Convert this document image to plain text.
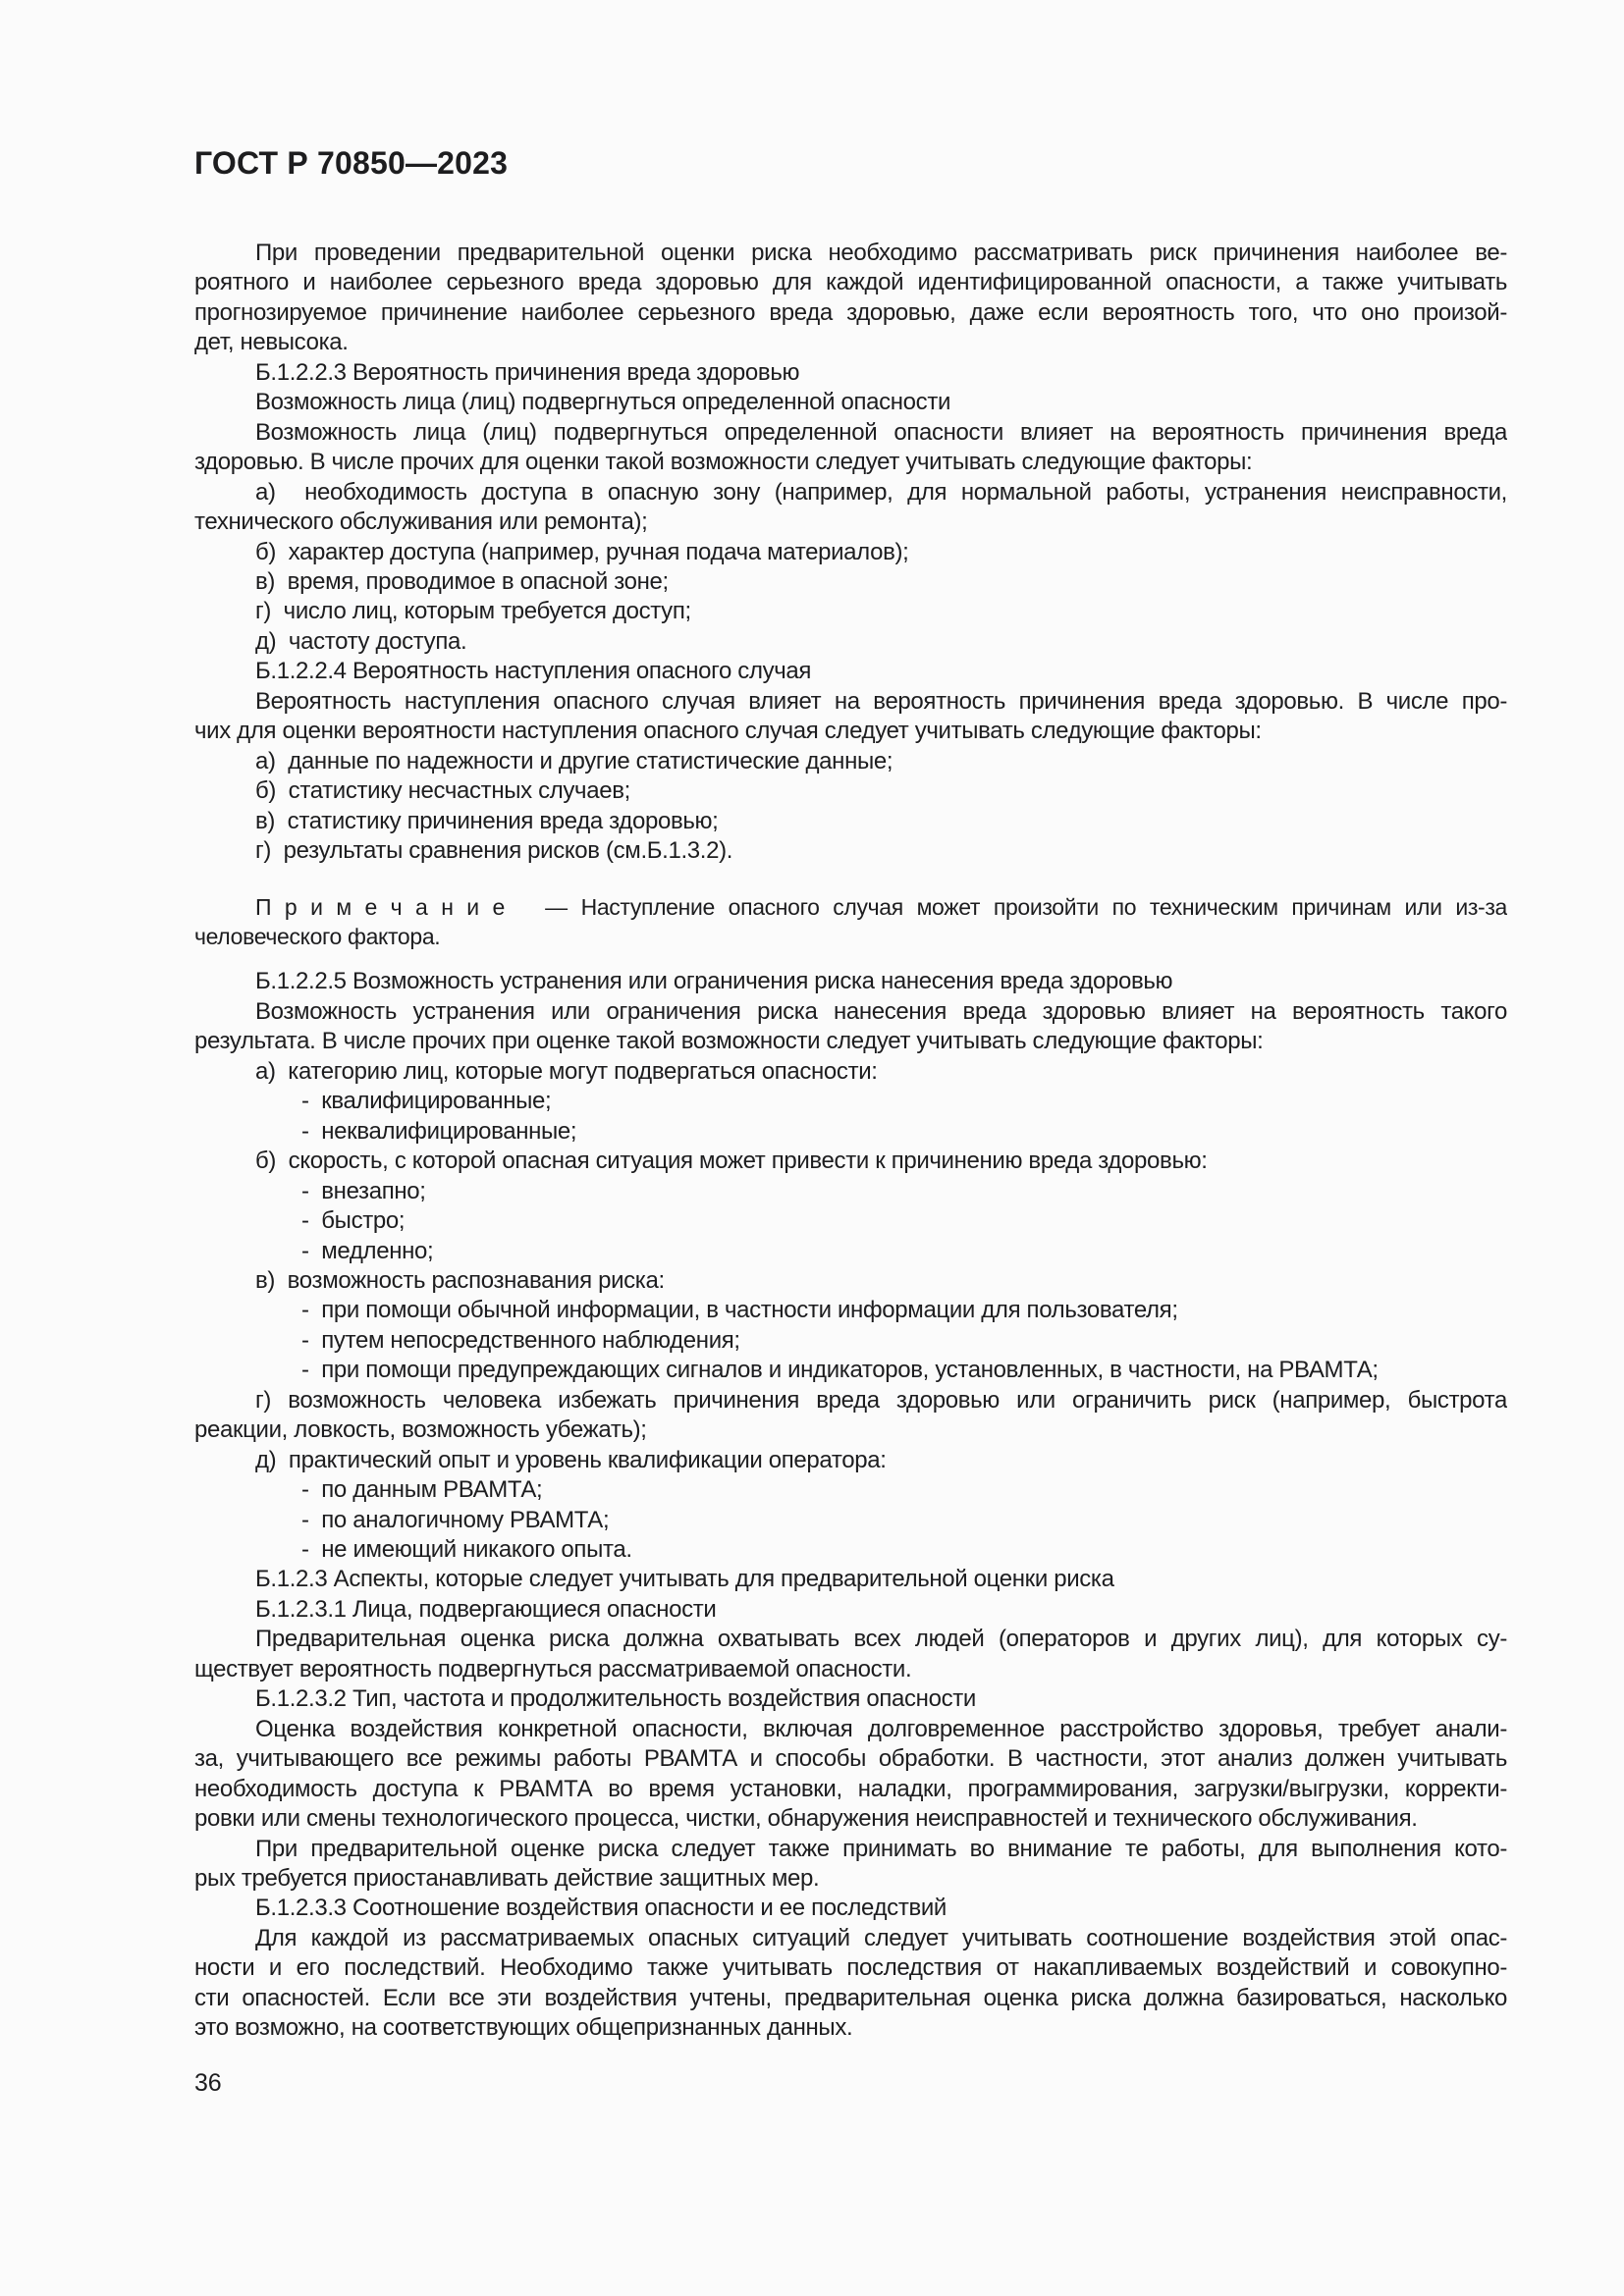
ГОСТ Р 70850—2023
При проведении предварительной оценки риска необходимо рассматривать риск причинения наиболее ве-
роятного и наиболее серьезного вреда здоровью для каждой идентифицированной опасности, а также учитывать
прогнозируемое причинение наиболее серьезного вреда здоровью, даже если вероятность того, что оно произой-
дет, невысока.
Б.1.2.2.3 Вероятность причинения вреда здоровью
Возможность лица (лиц) подвергнуться определенной опасности
Возможность лица (лиц) подвергнуться определенной опасности влияет на вероятность причинения вреда
здоровью. В числе прочих для оценки такой возможности следует учитывать следующие факторы:
а)  необходимость доступа в опасную зону (например, для нормальной работы, устранения неисправности,
технического обслуживания или ремонта);
б)  характер доступа (например, ручная подача материалов);
в)  время, проводимое в опасной зоне;
г)  число лиц, которым требуется доступ;
д)  частоту доступа.
Б.1.2.2.4 Вероятность наступления опасного случая
Вероятность наступления опасного случая влияет на вероятность причинения вреда здоровью. В числе про-
чих для оценки вероятности наступления опасного случая следует учитывать следующие факторы:
а)  данные по надежности и другие статистические данные;
б)  статистику несчастных случаев;
в)  статистику причинения вреда здоровью;
г)  результаты сравнения рисков (см.Б.1.3.2).
П р и м е ч а н и е   — Наступление опасного случая может произойти по техническим причинам или из-за
человеческого фактора.
Б.1.2.2.5 Возможность устранения или ограничения риска нанесения вреда здоровью
Возможность устранения или ограничения риска нанесения вреда здоровью влияет на вероятность такого
результата. В числе прочих при оценке такой возможности следует учитывать следующие факторы:
а)  категорию лиц, которые могут подвергаться опасности:
-  квалифицированные;
-  неквалифицированные;
б)  скорость, с которой опасная ситуация может привести к причинению вреда здоровью:
-  внезапно;
-  быстро;
-  медленно;
в)  возможность распознавания риска:
-  при помощи обычной информации, в частности информации для пользователя;
-  путем непосредственного наблюдения;
-  при помощи предупреждающих сигналов и индикаторов, установленных, в частности, на РВАМТА;
г) возможность человека избежать причинения вреда здоровью или ограничить риск (например, быстрота
реакции, ловкость, возможность убежать);
д)  практический опыт и уровень квалификации оператора:
-  по данным РВАМТА;
-  по аналогичному РВАМТА;
-  не имеющий никакого опыта.
Б.1.2.3 Аспекты, которые следует учитывать для предварительной оценки риска
Б.1.2.3.1 Лица, подвергающиеся опасности
Предварительная оценка риска должна охватывать всех людей (операторов и других лиц), для которых су-
ществует вероятность подвергнуться рассматриваемой опасности.
Б.1.2.3.2 Тип, частота и продолжительность воздействия опасности
Оценка воздействия конкретной опасности, включая долговременное расстройство здоровья, требует анали-
за, учитывающего все режимы работы РВАМТА и способы обработки. В частности, этот анализ должен учитывать
необходимость доступа к РВАМТА во время установки, наладки, программирования, загрузки/выгрузки, корректи-
ровки или смены технологического процесса, чистки, обнаружения неисправностей и технического обслуживания.
При предварительной оценке риска следует также принимать во внимание те работы, для выполнения кото-
рых требуется приостанавливать действие защитных мер.
Б.1.2.3.3 Соотношение воздействия опасности и ее последствий
Для каждой из рассматриваемых опасных ситуаций следует учитывать соотношение воздействия этой опас-
ности и его последствий. Необходимо также учитывать последствия от накапливаемых воздействий и совокупно-
сти опасностей. Если все эти воздействия учтены, предварительная оценка риска должна базироваться, насколько
это возможно, на соответствующих общепризнанных данных.
36
